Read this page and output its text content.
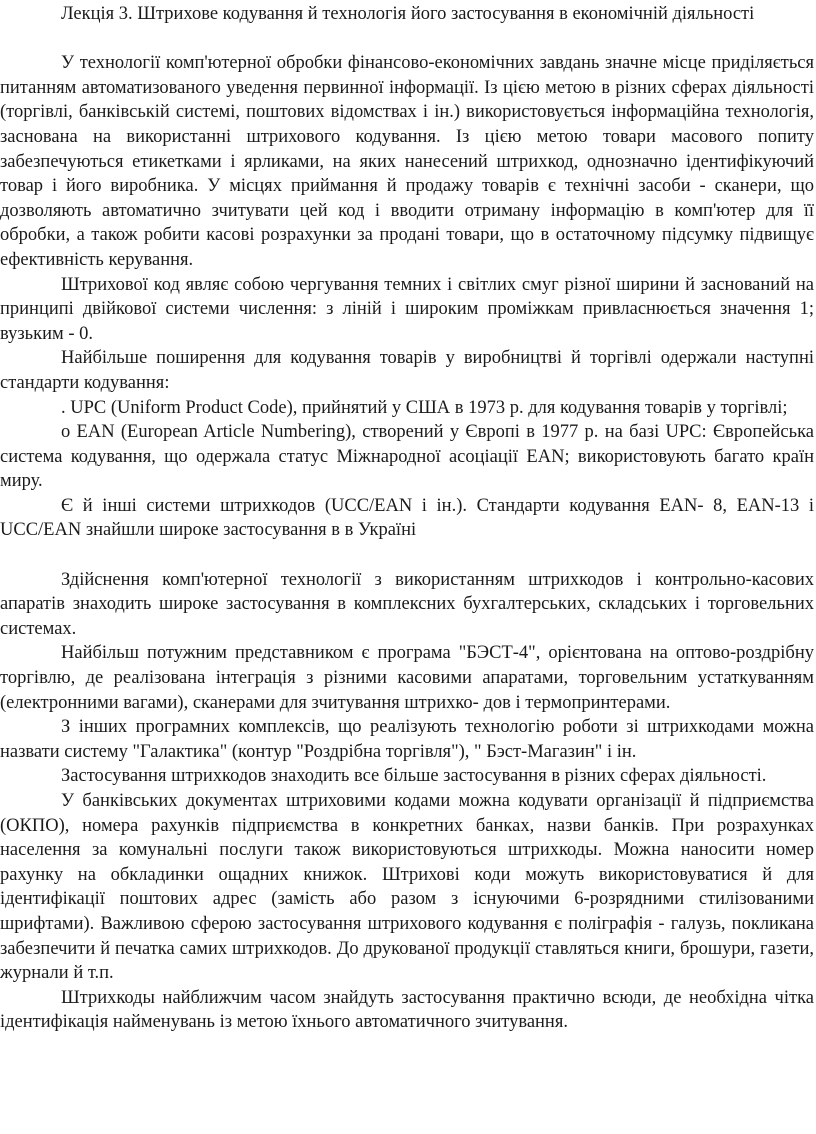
Лекція 3. Штрихове кодування й технологія його застосування в економічній діяльності

У технології комп'ютерної обробки фінансово-економічних завдань значне місце приділяється питанням автоматизованого уведення первинної інформації. Із цією метою в різних сферах діяльності (торгівлі, банківській системі, поштових відомствах і ін.) використовується інформаційна технологія, заснована на використанні штрихового кодування. Із цією метою товари масового попиту забезпечуються етикетками і ярликами, на яких нанесений штрихкод, однозначно ідентифікуючий товар і його виробника. У місцях приймання й продажу товарів є технічні засоби - сканери, що дозволяють автоматично зчитувати цей код і вводити отриману інформацію в комп'ютер для її обробки, а також робити касові розрахунки за продані товари, що в остаточному підсумку підвищує ефективність керування.

Штрихової код являє собою чергування темних і світлих смуг різної ширини й заснований на принципі двійкової системи числення: з ліній і широким проміжкам привласнюється значення 1; вузьким - 0.

Найбільше поширення для кодування товарів у виробництві й торгівлі одержали наступні стандарти кодування:

. UPC (Uniform Product Code), прийнятий у США в 1973 р. для кодування товарів у торгівлі;

o EAN (European Article Numbering), створений у Європі в 1977 р. на базі UPC: Європейська система кодування, що одержала статус Міжнародної асоціації EAN; використовують багато країн миру.

Є й інші системи штрихкодов (UCC/EAN і ін.). Стандарти кодування EAN- 8, EAN-13 і UCC/EAN знайшли широке застосування в в Україні

Здійснення комп'ютерної технології з використанням штрихкодов і контрольно-касових апаратів знаходить широке застосування в комплексних бухгалтерських, складських і торговельних системах.

Найбільш потужним представником є програма "БЭСТ-4", орієнтована на оптово-роздрібну торгівлю, де реалізована інтеграція з різними касовими апаратами, торговельним устаткуванням (електронними вагами), сканерами для зчитування штрихко- дов і термопринтерами.

З інших програмних комплексів, що реалізують технологію роботи зі штрихкодами можна назвати систему "Галактика" (контур "Роздрібна торгівля"), " Бэст-Магазин" і ін.

Застосування штрихкодов знаходить все більше застосування в різних сферах діяльності.

У банківських документах штриховими кодами можна кодувати організації й підприємства (ОКПО), номера рахунків підприємства в конкретних банках, назви банків. При розрахунках населення за комунальні послуги також використовуються штрихкоды. Можна наносити номер рахунку на обкладинки ощадних книжок. Штрихові коди можуть використовуватися й для ідентифікації поштових адрес (замість або разом з існуючими 6-розрядними стилізованими шрифтами). Важливою сферою застосування штрихового кодування є поліграфія - галузь, покликана забезпечити й печатка самих штрихкодов. До друкованої продукції ставляться книги, брошури, газети, журнали й т.п.

Штрихкоды найближчим часом знайдуть застосування практично всюди, де необхідна чітка ідентифікація найменувань із метою їхнього автоматичного зчитування.
